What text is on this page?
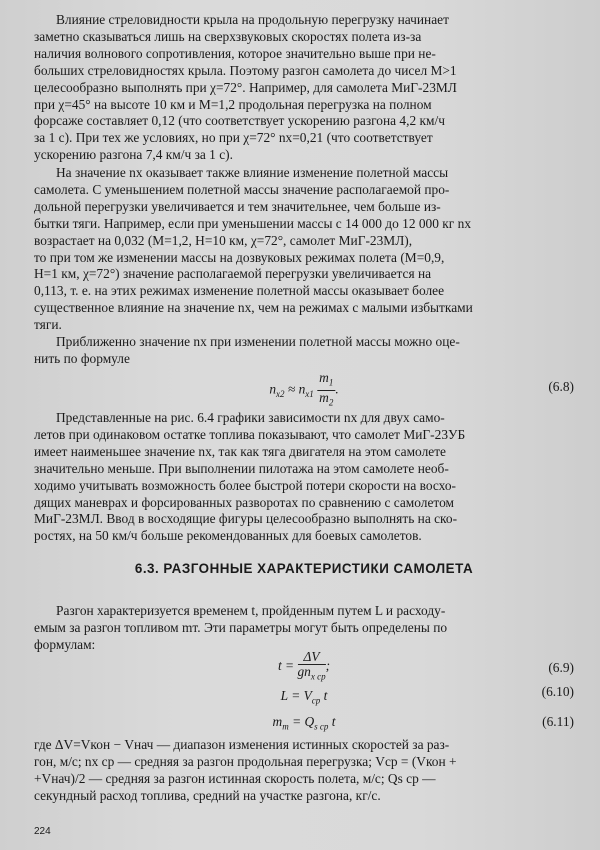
Влияние стреловидности крыла на продольную перегрузку начинает
заметно сказываться лишь на сверхзвуковых скоростях полета из-за
наличия волнового сопротивления, которое значительно выше при не-
больших стреловидностях крыла. Поэтому разгон самолета до чисел M>1
целесообразно выполнять при χ=72°. Например, для самолета МиГ-23МЛ
при χ=45° на высоте 10 км и M=1,2 продольная перегрузка на полном
форсаже составляет 0,12 (что соответствует ускорению разгона 4,2 км/ч
за 1 с). При тех же условиях, но при χ=72° nx=0,21 (что соответствует
ускорению разгона 7,4 км/ч за 1 с).
На значение nx оказывает также влияние изменение полетной массы
самолета. С уменьшением полетной массы значение располагаемой про-
дольной перегрузки увеличивается и тем значительнее, чем больше из-
бытки тяги. Например, если при уменьшении массы с 14 000 до 12 000 кг nx
возрастает на 0,032 (M=1,2, H=10 км, χ=72°, самолет МиГ-23МЛ),
то при том же изменении массы на дозвуковых режимах полета (M=0,9,
H=1 км, χ=72°) значение располагаемой перегрузки увеличивается на
0,113, т. е. на этих режимах изменение полетной массы оказывает более
существенное влияние на значение nx, чем на режимах с малыми избытками
тяги.
Приближенно значение nx при изменении полетной массы можно оце-
нить по формуле
$n_{x2} \approx n_{x1} \frac{m_1}{m_2}$ .	(6.8)
Представленные на рис. 6.4 графики зависимости nx для двух само-
летов при одинаковом остатке топлива показывают, что самолет МиГ-23УБ
имеет наименьшее значение nx, так как тяга двигателя на этом самолете
значительно меньше. При выполнении пилотажа на этом самолете необ-
ходимо учитывать возможность более быстрой потери скорости на восхо-
дящих маневрах и форсированных разворотах по сравнению с самолетом
МиГ-23МЛ. Ввод в восходящие фигуры целесообразно выполнять на ско-
ростях, на 50 км/ч больше рекомендованных для боевых самолетов.
6.3. РАЗГОННЫЕ ХАРАКТЕРИСТИКИ САМОЛЕТА
Разгон характеризуется временем t, пройденным путем L и расходу-
емым за разгон топливом mт. Эти параметры могут быть определены по
формулам:
$t = \frac{\Delta V}{gn_{x ср}}$ ;	(6.9)
$L = V_{ср}$ t	(6.10)
$m_т = Q_{s ср}$ t	(6.11)
где ΔV=Vкон − Vнач — диапазон изменения истинных скоростей за раз-
гон, м/с; nx ср — средняя за разгон продольная перегрузка; Vср = (Vкон +
+Vнач)/2 — средняя за разгон истинная скорость полета, м/с; Qs ср —
секундный расход топлива, средний на участке разгона, кг/с.
224
